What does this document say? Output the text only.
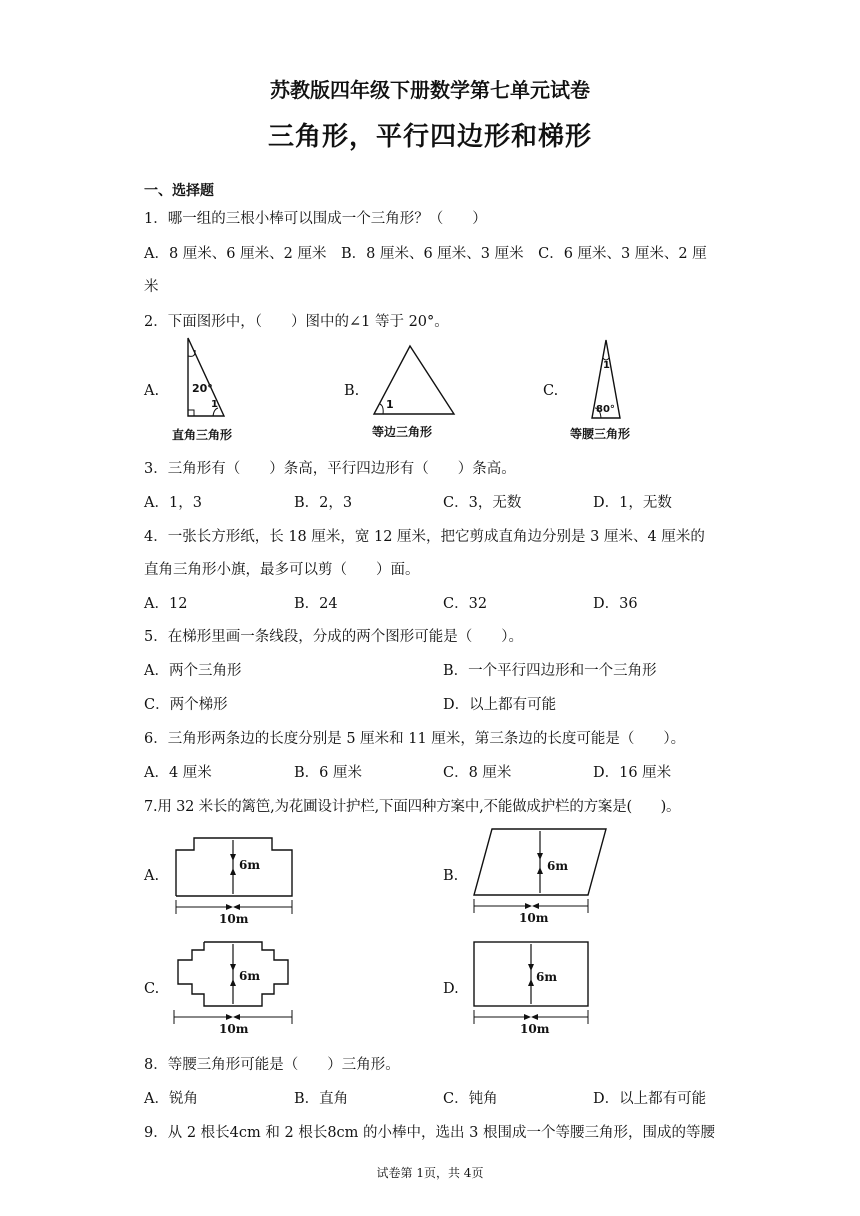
苏教版四年级下册数学第七单元试卷
三角形，平行四边形和梯形
一、选择题
1．哪一组的三根小棒可以围成一个三角形？（　　）
A．8 厘米、6 厘米、2 厘米　B．8 厘米、6 厘米、3 厘米　C．6 厘米、3 厘米、2 厘
米
2．下面图形中，（　　）图中的∠1 等于 20°。
A.	B.	C.
20°
1
直角三角形
1
等边三角形
1
80°
等腰三角形
3．三角形有（　　）条高，平行四边形有（　　）条高。
A．1，3	B．2，3	C．3，无数	D．1，无数
4．一张长方形纸，长 18 厘米，宽 12 厘米，把它剪成直角边分别是 3 厘米、4 厘米的
直角三角形小旗，最多可以剪（　　）面。
A．12	B．24	C．32	D．36
5．在梯形里画一条线段，分成的两个图形可能是（　　）。
A．两个三角形	B．一个平行四边形和一个三角形
C．两个梯形	D．以上都有可能
6．三角形两条边的长度分别是 5 厘米和 11 厘米，第三条边的长度可能是（　　）。
A．4 厘米	B．6 厘米	C．8 厘米	D．16 厘米
7.用 32 米长的篱笆,为花圃设计护栏,下面四种方案中,不能做成护栏的方案是(　　)。
A.	B.
C.	D.
6m
10m
6m
10m
6m
10m
6m
10m
8．等腰三角形可能是（　　）三角形。
A．锐角	B．直角	C．钝角	D．以上都有可能
9．从 2 根长4cm 和 2 根长8cm 的小棒中，选出 3 根围成一个等腰三角形，围成的等腰
试卷第 1页，共 4页
